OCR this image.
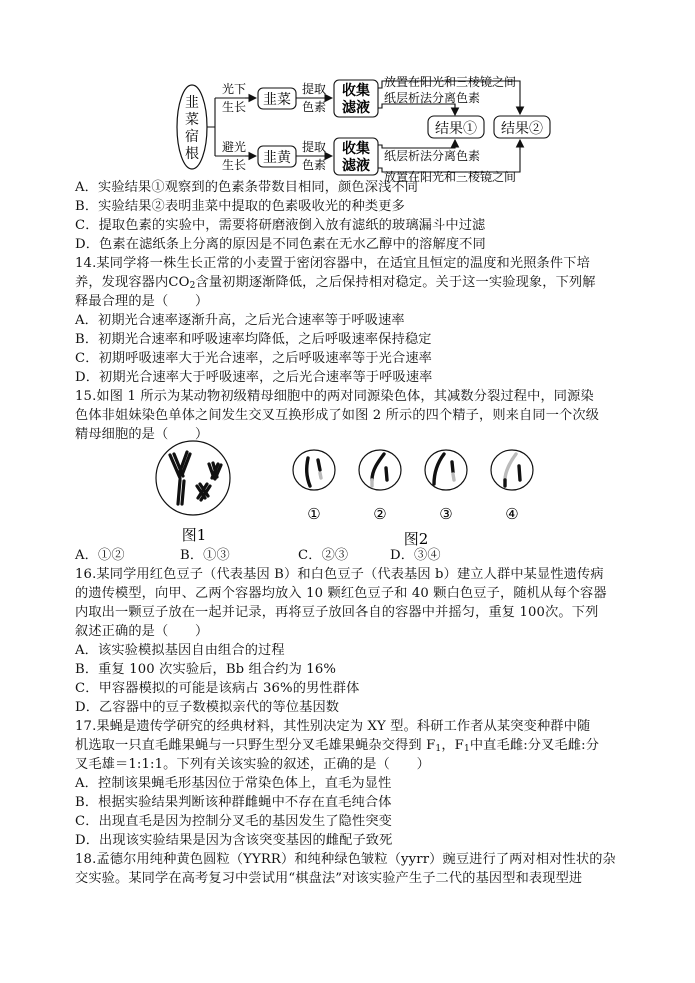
韭
菜
宿
根
光下
生长
避光
生长
韭菜
韭黄
提取
色素
提取
色素
收集
滤液
收集
滤液
放置在阳光和三棱镜之间
纸层析法分离色素
结果① 结果②
纸层析法分离色素
放置在阳光和三棱镜之间
A．实验结果①观察到的色素条带数目相同，颜色深浅不同
B．实验结果②表明韭菜中提取的色素吸收光的种类更多
C．提取色素的实验中，需要将研磨液倒入放有滤纸的玻璃漏斗中过滤
D．色素在滤纸条上分离的原因是不同色素在无水乙醇中的溶解度不同
14.某同学将一株生长正常的小麦置于密闭容器中，在适宜且恒定的温度和光照条件下培
养，发现容器内$CO_2$含量初期逐渐降低，之后保持相对稳定。关于这一实验现象，下列解
释最合理的是（　　）
A．初期光合速率逐渐升高，之后光合速率等于呼吸速率
B．初期光合速率和呼吸速率均降低，之后呼吸速率保持稳定
C．初期呼吸速率大于光合速率，之后呼吸速率等于光合速率
D．初期光合速率大于呼吸速率，之后光合速率等于呼吸速率
15.如图 1 所示为某动物初级精母细胞中的两对同源染色体，其减数分裂过程中，同源染
色体非姐妹染色单体之间发生交叉互换形成了如图 2 所示的四个精子，则来自同一个次级
精母细胞的是（　　）
①	②	③	④
图1	图2
A．①②	B．①③	C．②③	D．③④
16.某同学用红色豆子（代表基因 B）和白色豆子（代表基因 b）建立人群中某显性遗传病
的遗传模型，向甲、乙两个容器均放入 10 颗红色豆子和 40 颗白色豆子，随机从每个容器
内取出一颗豆子放在一起并记录，再将豆子放回各自的容器中并摇匀，重复 100次。下列
叙述正确的是（　　）
A．该实验模拟基因自由组合的过程
B．重复 100 次实验后，Bb 组合约为 16%
C．甲容器模拟的可能是该病占 36%的男性群体
D．乙容器中的豆子数模拟亲代的等位基因数
17.果蝇是遗传学研究的经典材料，其性别决定为 XY 型。科研工作者从某突变种群中随
机选取一只直毛雌果蝇与一只野生型分叉毛雄果蝇杂交得到 $F_1$，$F_1$中直毛雌:分叉毛雌:分
叉毛雄＝1:1:1。下列有关该实验的叙述，正确的是（　　）
A．控制该果蝇毛形基因位于常染色体上，直毛为显性
B．根据实验结果判断该种群雌蝇中不存在直毛纯合体
C．出现直毛是因为控制分叉毛的基因发生了隐性突变
D．出现该实验结果是因为含该突变基因的雌配子致死
18.孟德尔用纯种黄色圆粒（YYRR）和纯种绿色皱粒（yyrr）豌豆进行了两对相对性状的杂
交实验。某同学在高考复习中尝试用“棋盘法”对该实验产生子二代的基因型和表现型进
